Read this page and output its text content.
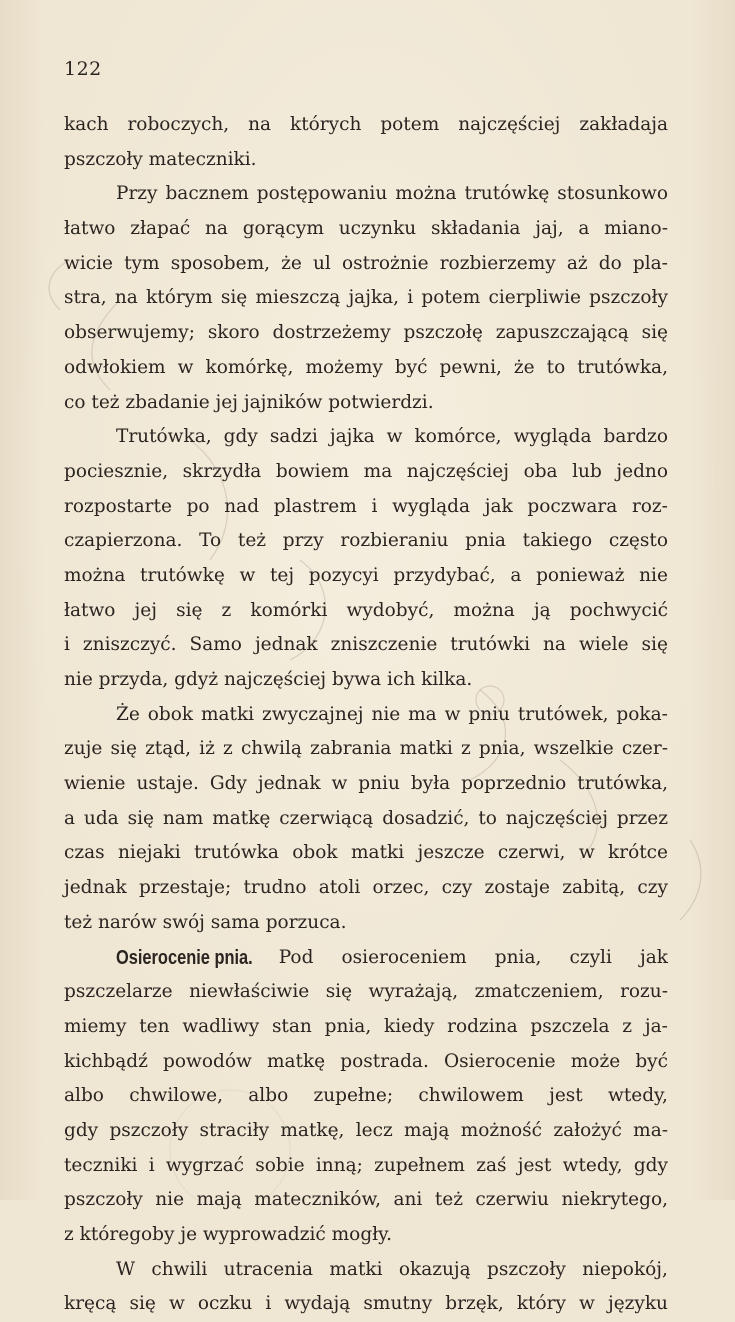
122
kach roboczych, na których potem najczęściej zakładaja
pszczoły mateczniki.
Przy bacznem postępowaniu można trutówkę stosunkowo
łatwo złapać na gorącym uczynku składania jaj, a miano-
wicie tym sposobem, że ul ostrożnie rozbierzemy aż do pla-
stra, na którym się mieszczą jajka, i potem cierpliwie pszczoły
obserwujemy; skoro dostrzeżemy pszczołę zapuszczającą się
odwłokiem w komórkę, możemy być pewni, że to trutówka,
co też zbadanie jej jajników potwierdzi.
Trutówka, gdy sadzi jajka w komórce, wygląda bardzo
pociesznie, skrzydła bowiem ma najczęściej oba lub jedno
rozpostarte po nad plastrem i wygląda jak poczwara roz-
czapierzona. To też przy rozbieraniu pnia takiego często
można trutówkę w tej pozycyi przydybać, a ponieważ nie
łatwo jej się z komórki wydobyć, można ją pochwycić
i zniszczyć. Samo jednak zniszczenie trutówki na wiele się
nie przyda, gdyż najczęściej bywa ich kilka.
Że obok matki zwyczajnej nie ma w pniu trutówek, poka-
zuje się ztąd, iż z chwilą zabrania matki z pnia, wszelkie czer-
wienie ustaje. Gdy jednak w pniu była poprzednio trutówka,
a uda się nam matkę czerwiącą dosadzić, to najczęściej przez
czas niejaki trutówka obok matki jeszcze czerwi, w krótce
jednak przestaje; trudno atoli orzec, czy zostaje zabitą, czy
też narów swój sama porzuca.
Osierocenie pnia.	Pod osieroceniem pnia, czyli jak
pszczelarze niewłaściwie się wyrażają, zmatczeniem, rozu-
miemy ten wadliwy stan pnia, kiedy rodzina pszczela z ja-
kichbądź powodów matkę postrada. Osierocenie może być
albo chwilowe, albo zupełne; chwilowem jest wtedy,
gdy pszczoły straciły matkę, lecz mają możność założyć ma-
teczniki i wygrzać sobie inną; zupełnem zaś jest wtedy, gdy
pszczoły nie mają mateczników, ani też czerwiu niekrytego,
z któregoby je wyprowadzić mogły.
W chwili utracenia matki okazują pszczoły niepokój,
kręcą się w oczku i wydają smutny brzęk, który w języku
